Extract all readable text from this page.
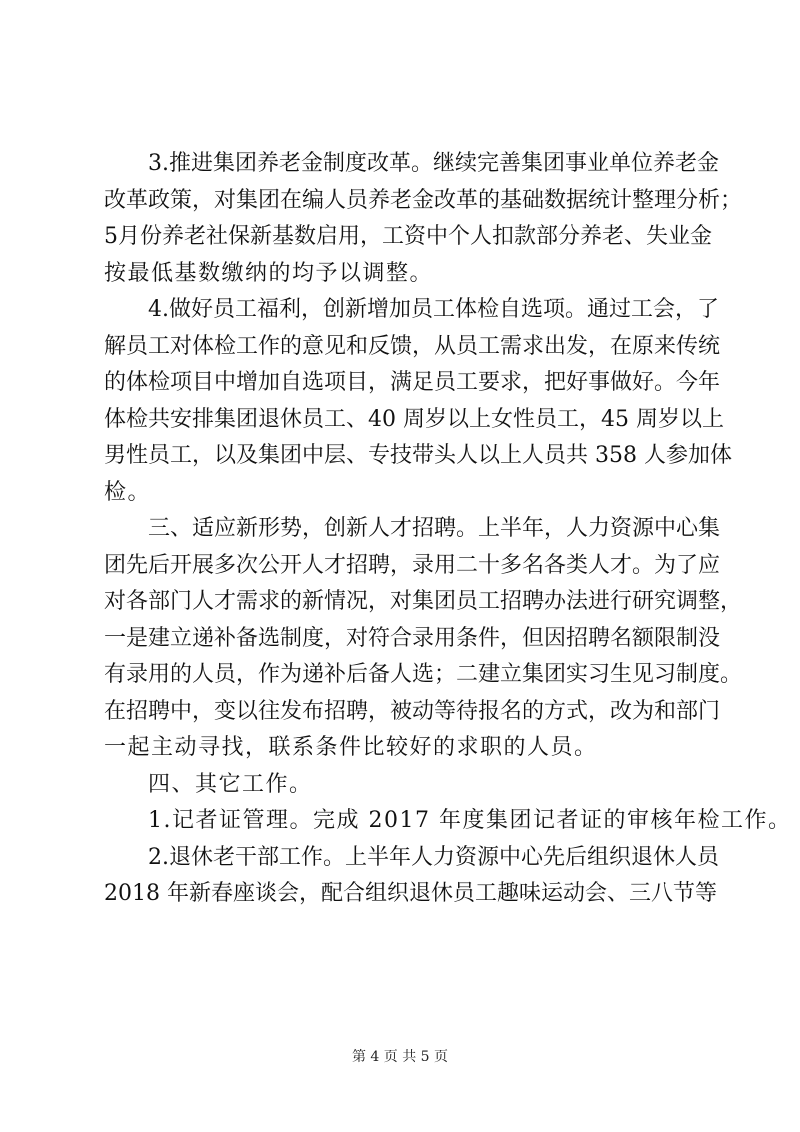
3.推进集团养老金制度改革。继续完善集团事业单位养老金
改革政策，对集团在编人员养老金改革的基础数据统计整理分析；
5月份养老社保新基数启用，工资中个人扣款部分养老、失业金
按最低基数缴纳的均予以调整。
4.做好员工福利，创新增加员工体检自选项。通过工会，了
解员工对体检工作的意见和反馈，从员工需求出发，在原来传统
的体检项目中增加自选项目，满足员工要求，把好事做好。今年
体检共安排集团退休员工、40 周岁以上女性员工，45 周岁以上
男性员工，以及集团中层、专技带头人以上人员共 358 人参加体
检。
三、适应新形势，创新人才招聘。上半年，人力资源中心集
团先后开展多次公开人才招聘，录用二十多名各类人才。为了应
对各部门人才需求的新情况，对集团员工招聘办法进行研究调整，
一是建立递补备选制度，对符合录用条件，但因招聘名额限制没
有录用的人员，作为递补后备人选；二建立集团实习生见习制度。
在招聘中，变以往发布招聘，被动等待报名的方式，改为和部门
一起主动寻找，联系条件比较好的求职的人员。
四、其它工作。
1.记者证管理。完成 2017 年度集团记者证的审核年检工作。
2.退休老干部工作。上半年人力资源中心先后组织退休人员
2018 年新春座谈会，配合组织退休员工趣味运动会、三八节等
第 4 页 共 5 页
